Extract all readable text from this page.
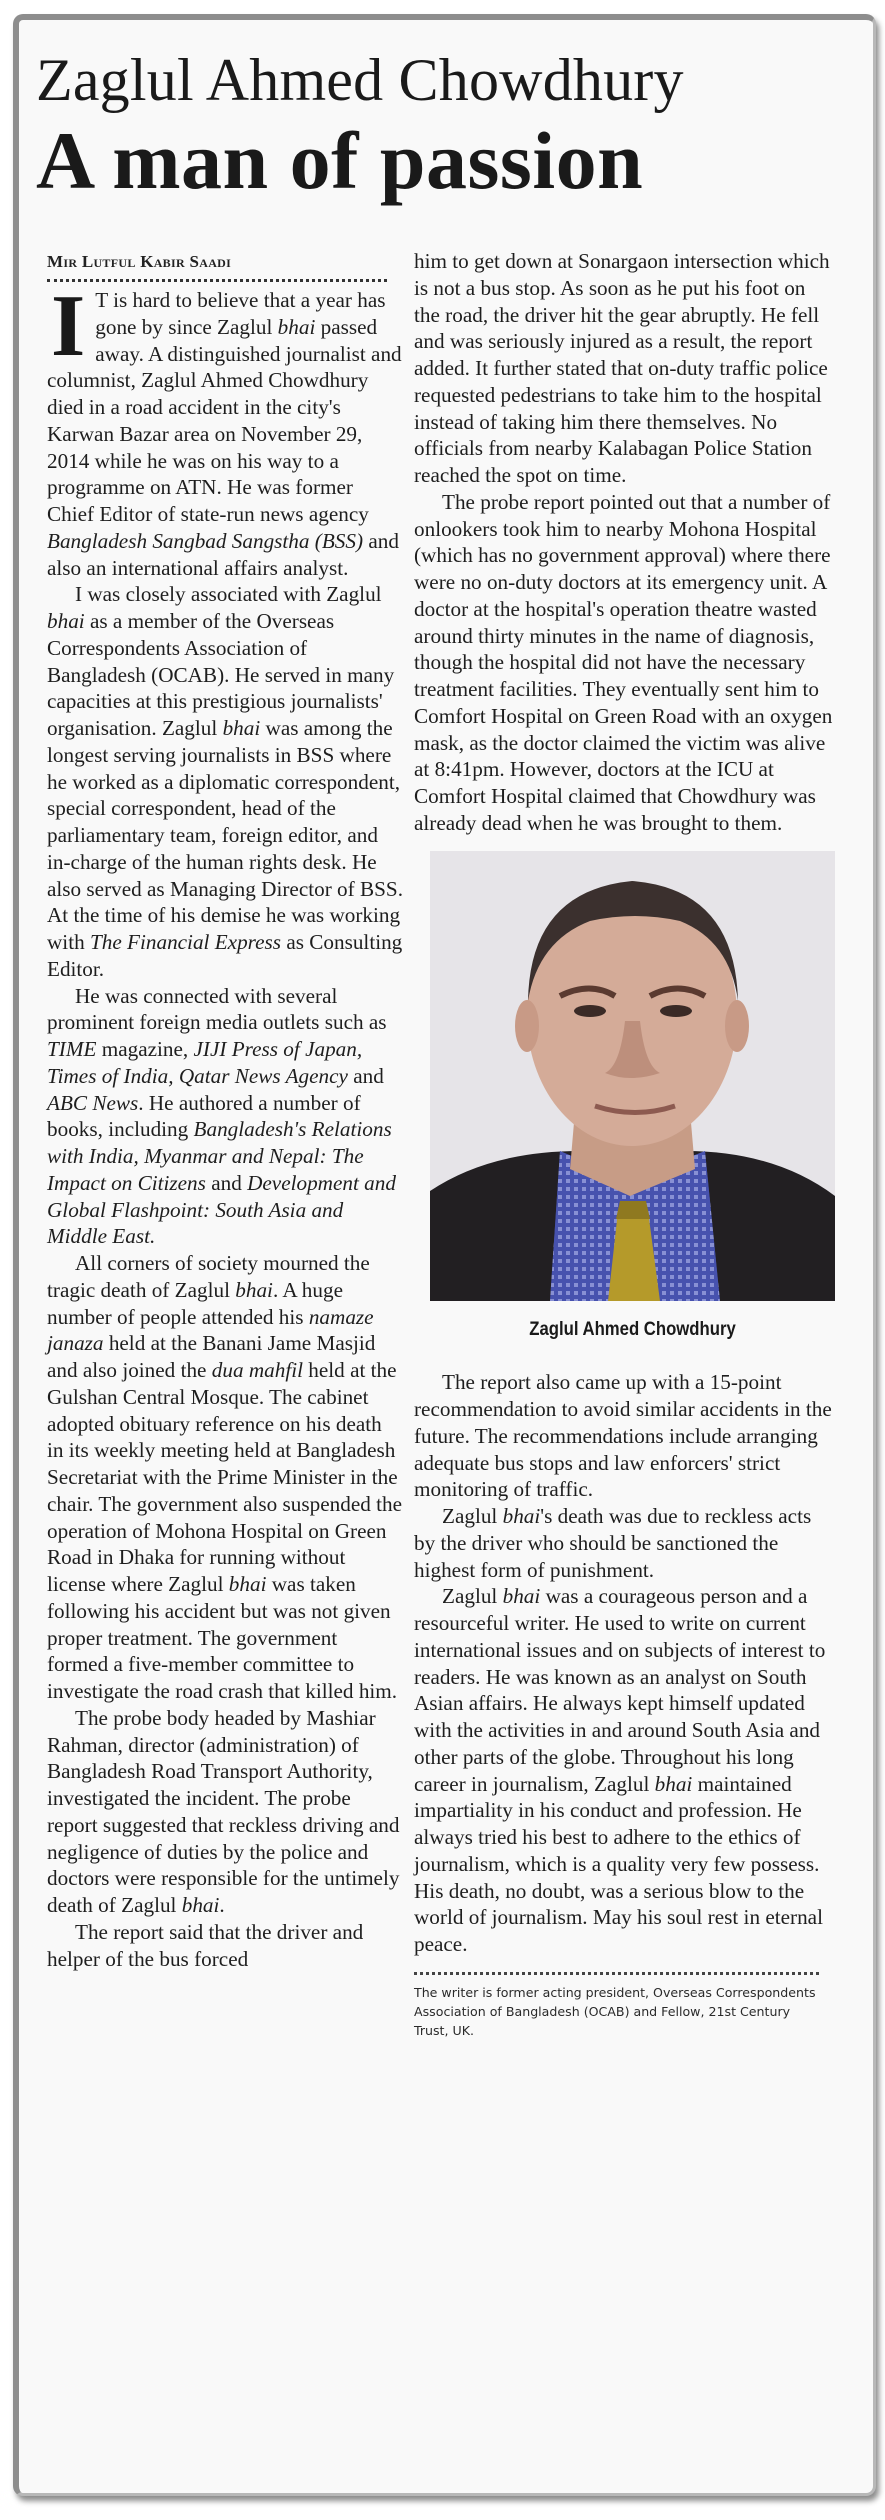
Zaglul Ahmed Chowdhury
A man of passion
Mir Lutful Kabir Saadi

I T is hard to believe that a year has gone by since Zaglul bhai passed away. A distinguished journalist and columnist, Zaglul Ahmed Chowdhury died in a road accident in the city's Karwan Bazar area on November 29, 2014 while he was on his way to a programme on ATN. He was former Chief Editor of state-run news agency Bangladesh Sangbad Sangstha (BSS) and also an international affairs analyst.

I was closely associated with Zaglul bhai as a member of the Overseas Correspondents Association of Bangladesh (OCAB). He served in many capacities at this prestigious journalists' organisation. Zaglul bhai was among the longest serving journalists in BSS where he worked as a diplomatic correspondent, special correspondent, head of the parliamentary team, foreign editor, and in-charge of the human rights desk. He also served as Managing Director of BSS. At the time of his demise he was working with The Financial Express as Consulting Editor.

He was connected with several prominent foreign media outlets such as TIME magazine, JIJI Press of Japan, Times of India, Qatar News Agency and ABC News. He authored a number of books, including Bangladesh's Relations with India, Myanmar and Nepal: The Impact on Citizens and Development and Global Flashpoint: South Asia and Middle East.

All corners of society mourned the tragic death of Zaglul bhai. A huge number of people attended his namaze janaza held at the Banani Jame Masjid and also joined the dua mahfil held at the Gulshan Central Mosque. The cabinet adopted obituary reference on his death in its weekly meeting held at Bangladesh Secretariat with the Prime Minister in the chair. The government also suspended the operation of Mohona Hospital on Green Road in Dhaka for running without license where Zaglul bhai was taken following his accident but was not given proper treatment. The government formed a five-member committee to investigate the road crash that killed him.

The probe body headed by Mashiar Rahman, director (administration) of Bangladesh Road Transport Authority, investigated the incident. The probe report suggested that reckless driving and negligence of duties by the police and doctors were responsible for the untimely death of Zaglul bhai.

The report said that the driver and helper of the bus forced

him to get down at Sonargaon intersection which is not a bus stop. As soon as he put his foot on the road, the driver hit the gear abruptly. He fell and was seriously injured as a result, the report added. It further stated that on-duty traffic police requested pedestrians to take him to the hospital instead of taking him there themselves. No officials from nearby Kalabagan Police Station reached the spot on time.

The probe report pointed out that a number of onlookers took him to nearby Mohona Hospital (which has no government approval) where there were no on-duty doctors at its emergency unit. A doctor at the hospital's operation theatre wasted around thirty minutes in the name of diagnosis, though the hospital did not have the necessary treatment facilities. They eventually sent him to Comfort Hospital on Green Road with an oxygen mask, as the doctor claimed the victim was alive at 8:41pm. However, doctors at the ICU at Comfort Hospital claimed that Chowdhury was already dead when he was brought to them.

Zaglul Ahmed Chowdhury

The report also came up with a 15-point recommendation to avoid similar accidents in the future. The recommendations include arranging adequate bus stops and law enforcers' strict monitoring of traffic.

Zaglul bhai's death was due to reckless acts by the driver who should be sanctioned the highest form of punishment.

Zaglul bhai was a courageous person and a resourceful writer. He used to write on current international issues and on subjects of interest to readers. He was known as an analyst on South Asian affairs. He always kept himself updated with the activities in and around South Asia and other parts of the globe. Throughout his long career in journalism, Zaglul bhai maintained impartiality in his conduct and profession. He always tried his best to adhere to the ethics of journalism, which is a quality very few possess. His death, no doubt, was a serious blow to the world of journalism. May his soul rest in eternal peace.

The writer is former acting president, Overseas Correspondents Association of Bangladesh (OCAB) and Fellow, 21st Century Trust, UK.
